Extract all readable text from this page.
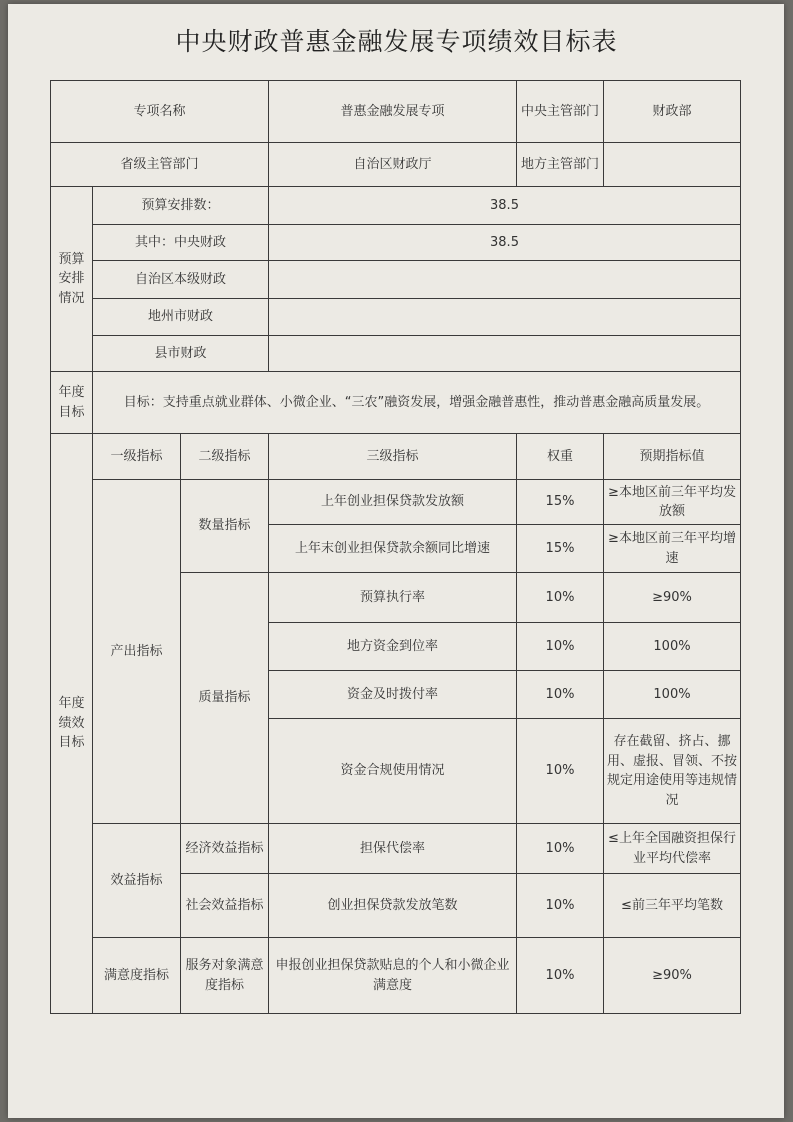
中央财政普惠金融发展专项绩效目标表
专项名称			普惠金融发展专项	中央主管部门	财政部
省级主管部门			自治区财政厅	地方主管部门	
预算安排情况	预算安排数：		38.5		
	其中：中央财政		38.5		
	自治区本级财政				
	地州市财政				
	县市财政				
年度目标	目标：支持重点就业群体、小微企业、“三农”融资发展，增强金融普惠性，推动普惠金融高质量发展。				
年度绩效目标	一级指标	二级指标	三级指标	权重	预期指标值
	产出指标	数量指标	上年创业担保贷款发放额	15%	≥本地区前三年平均发放额
			上年末创业担保贷款余额同比增速	15%	≥本地区前三年平均增速
		质量指标	预算执行率	10%	≥90%
			地方资金到位率	10%	100%
			资金及时拨付率	10%	100%
			资金合规使用情况	10%	存在截留、挤占、挪用、虚报、冒领、不按规定用途使用等违规情况
	效益指标	经济效益指标	担保代偿率	10%	≤上年全国融资担保行业平均代偿率
		社会效益指标	创业担保贷款发放笔数	10%	≤前三年平均笔数
	满意度指标	服务对象满意度指标	申报创业担保贷款贴息的个人和小微企业满意度	10%	≥90%
